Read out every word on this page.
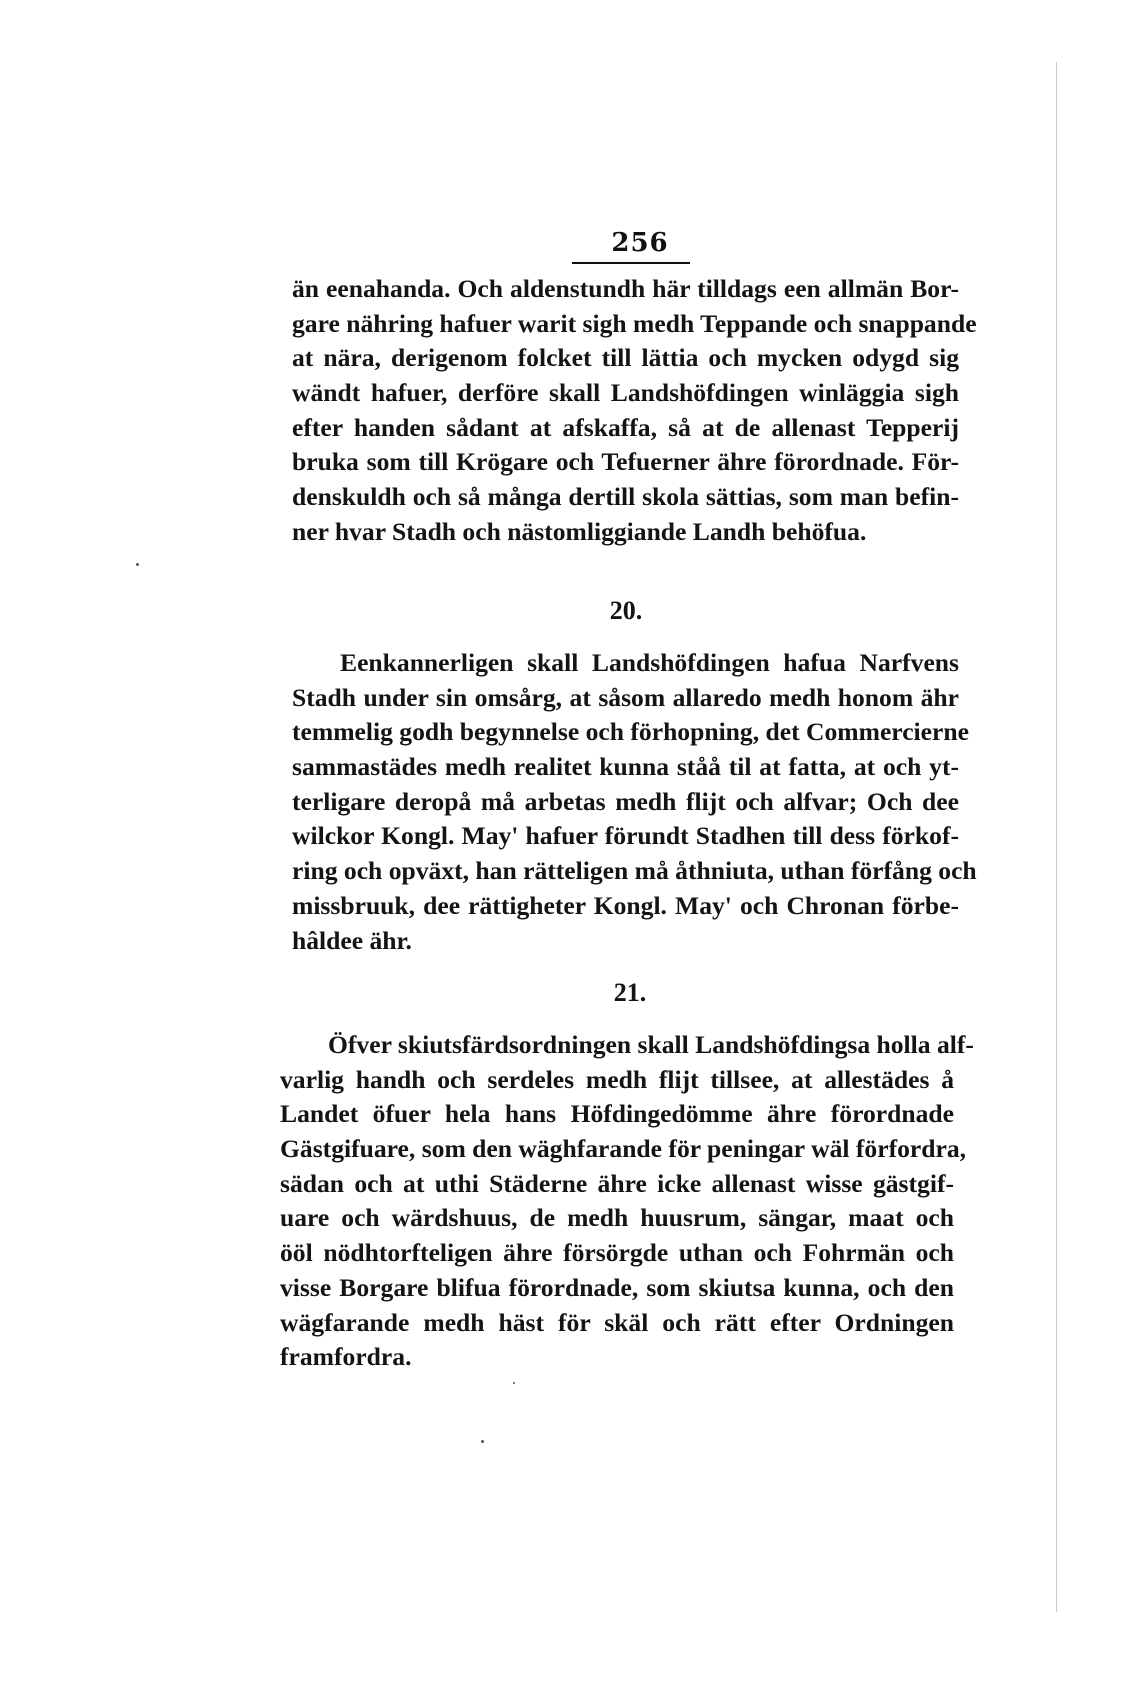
256
än eenahanda. Och aldenstundh här tilldags een allmän Bor-
gare nähring hafuer warit sigh medh Teppande och snappande
at nära, derigenom folcket till lättia och mycken odygd sig
wändt hafuer, derföre skall Landshöfdingen winläggia sigh
efter handen sådant at afskaffa, så at de allenast Tepperij
bruka som till Krögare och Tefuerner ähre förordnade. För-
denskuldh och så många dertill skola sättias, som man befin-
ner hvar Stadh och nästomliggiande Landh behöfua.
20.
Eenkannerligen skall Landshöfdingen hafua Narfvens
Stadh under sin omsårg, at såsom allaredo medh honom ähr
temmelig godh begynnelse och förhopning, det Commercierne
sammastädes medh realitet kunna ståå til at fatta, at och yt-
terligare deropå må arbetas medh flijt och alfvar; Och dee
wilckor Kongl. May' hafuer förundt Stadhen till dess förkof-
ring och opväxt, han rätteligen må åthniuta, uthan förfång och
missbruuk, dee rättigheter Kongl. May' och Chronan förbe-
hâldee ähr.
21.
Öfver skiutsfärdsordningen skall Landshöfdingsa holla alf-
varlig handh och serdeles medh flijt tillsee, at allestädes å
Landet öfuer hela hans Höfdingedömme ähre förordnade
Gästgifuare, som den wäghfarande för peningar wäl förfordra,
sädan och at uthi Städerne ähre icke allenast wisse gästgif-
uare och wärdshuus, de medh huusrum, sängar, maat och
ööl nödhtorfteligen ähre försörgde uthan och Fohrmän och
visse Borgare blifua förordnade, som skiutsa kunna, och den
wägfarande medh häst för skäl och rätt efter Ordningen
framfordra.
